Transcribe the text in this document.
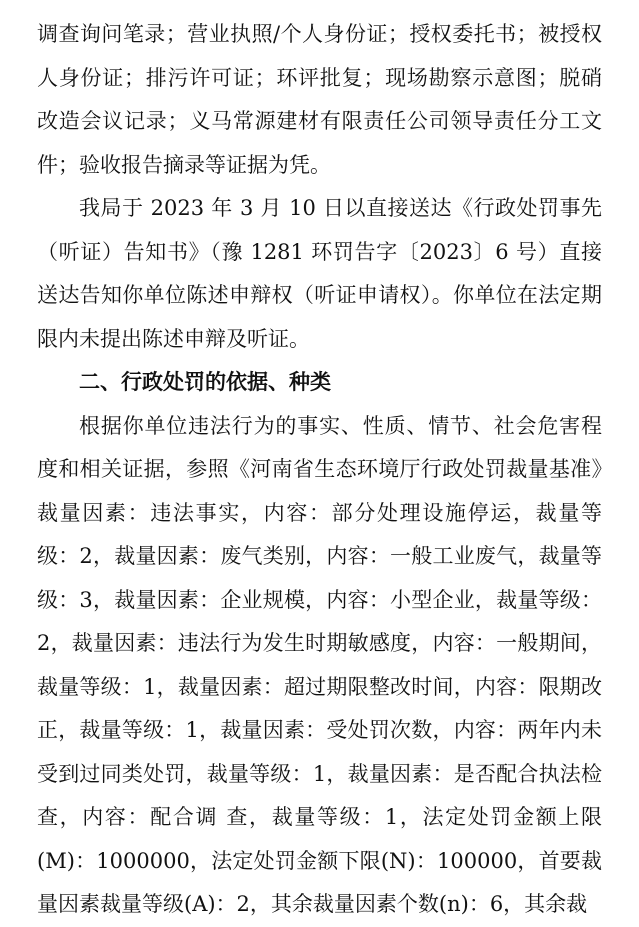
调查询问笔录；营业执照/个人身份证；授权委托书；被授权人身份证；排污许可证；环评批复；现场勘察示意图；脱硝改造会议记录；义马常源建材有限责任公司领导责任分工文件；验收报告摘录等证据为凭。

我局于 2023 年 3 月 10 日以直接送达《行政处罚事先（听证）告知书》（豫 1281 环罚告字〔2023〕6 号）直接送达告知你单位陈述申辩权（听证申请权）。你单位在法定期限内未提出陈述申辩及听证。

二、行政处罚的依据、种类

根据你单位违法行为的事实、性质、情节、社会危害程度和相关证据，参照《河南省生态环境厅行政处罚裁量基准》裁量因素：违法事实，内容：部分处理设施停运，裁量等级：2，裁量因素：废气类别，内容：一般工业废气，裁量等级：3，裁量因素：企业规模，内容：小型企业，裁量等级：2，裁量因素：违法行为发生时期敏感度，内容：一般期间，裁量等级：1，裁量因素：超过期限整改时间，内容：限期改正，裁量等级：1，裁量因素：受处罚次数，内容：两年内未受到过同类处罚，裁量等级：1，裁量因素：是否配合执法检查，内容：配合调 查，裁量等级：1，法定处罚金额上限(M)：1000000，法定处罚金额下限(N)：100000，首要裁量因素裁量等级(A)：2，其余裁量因素个数(n)：6，其余裁
